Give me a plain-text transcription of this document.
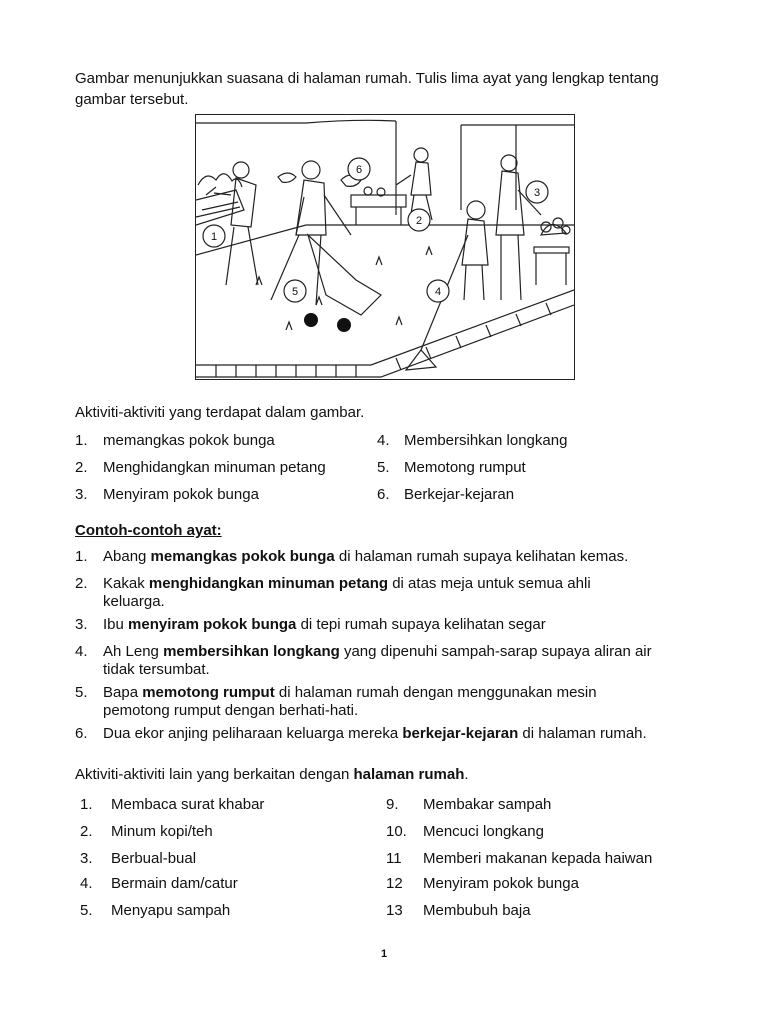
Gambar menunjukkan suasana di halaman rumah. Tulis lima ayat yang lengkap tentang gambar tersebut.
1
2
3
4
5
6
Aktiviti-aktiviti yang terdapat dalam gambar.
1. memangkas pokok bunga
2. Menghidangkan minuman petang
3. Menyiram pokok bunga
4. Membersihkan longkang
5. Memotong rumput
6. Berkejar-kejaran
Contoh-contoh ayat:
1. Abang memangkas pokok bunga di halaman rumah supaya kelihatan kemas.
2. Kakak menghidangkan minuman petang di atas meja untuk semua ahli keluarga.
3. Ibu menyiram pokok bunga di tepi rumah supaya kelihatan segar
4. Ah Leng membersihkan longkang yang dipenuhi sampah-sarap supaya aliran air tidak tersumbat.
5. Bapa memotong rumput di halaman rumah dengan menggunakan mesin pemotong rumput dengan berhati-hati.
6. Dua ekor anjing peliharaan keluarga mereka berkejar-kejaran di halaman rumah.
Aktiviti-aktiviti lain yang berkaitan dengan halaman rumah.
1. Membaca surat khabar
2. Minum kopi/teh
3. Berbual-bual
4. Bermain dam/catur
5. Menyapu sampah
9. Membakar sampah
10. Mencuci longkang
11 Memberi makanan kepada haiwan
12 Menyiram pokok bunga
13 Membubuh baja
1
